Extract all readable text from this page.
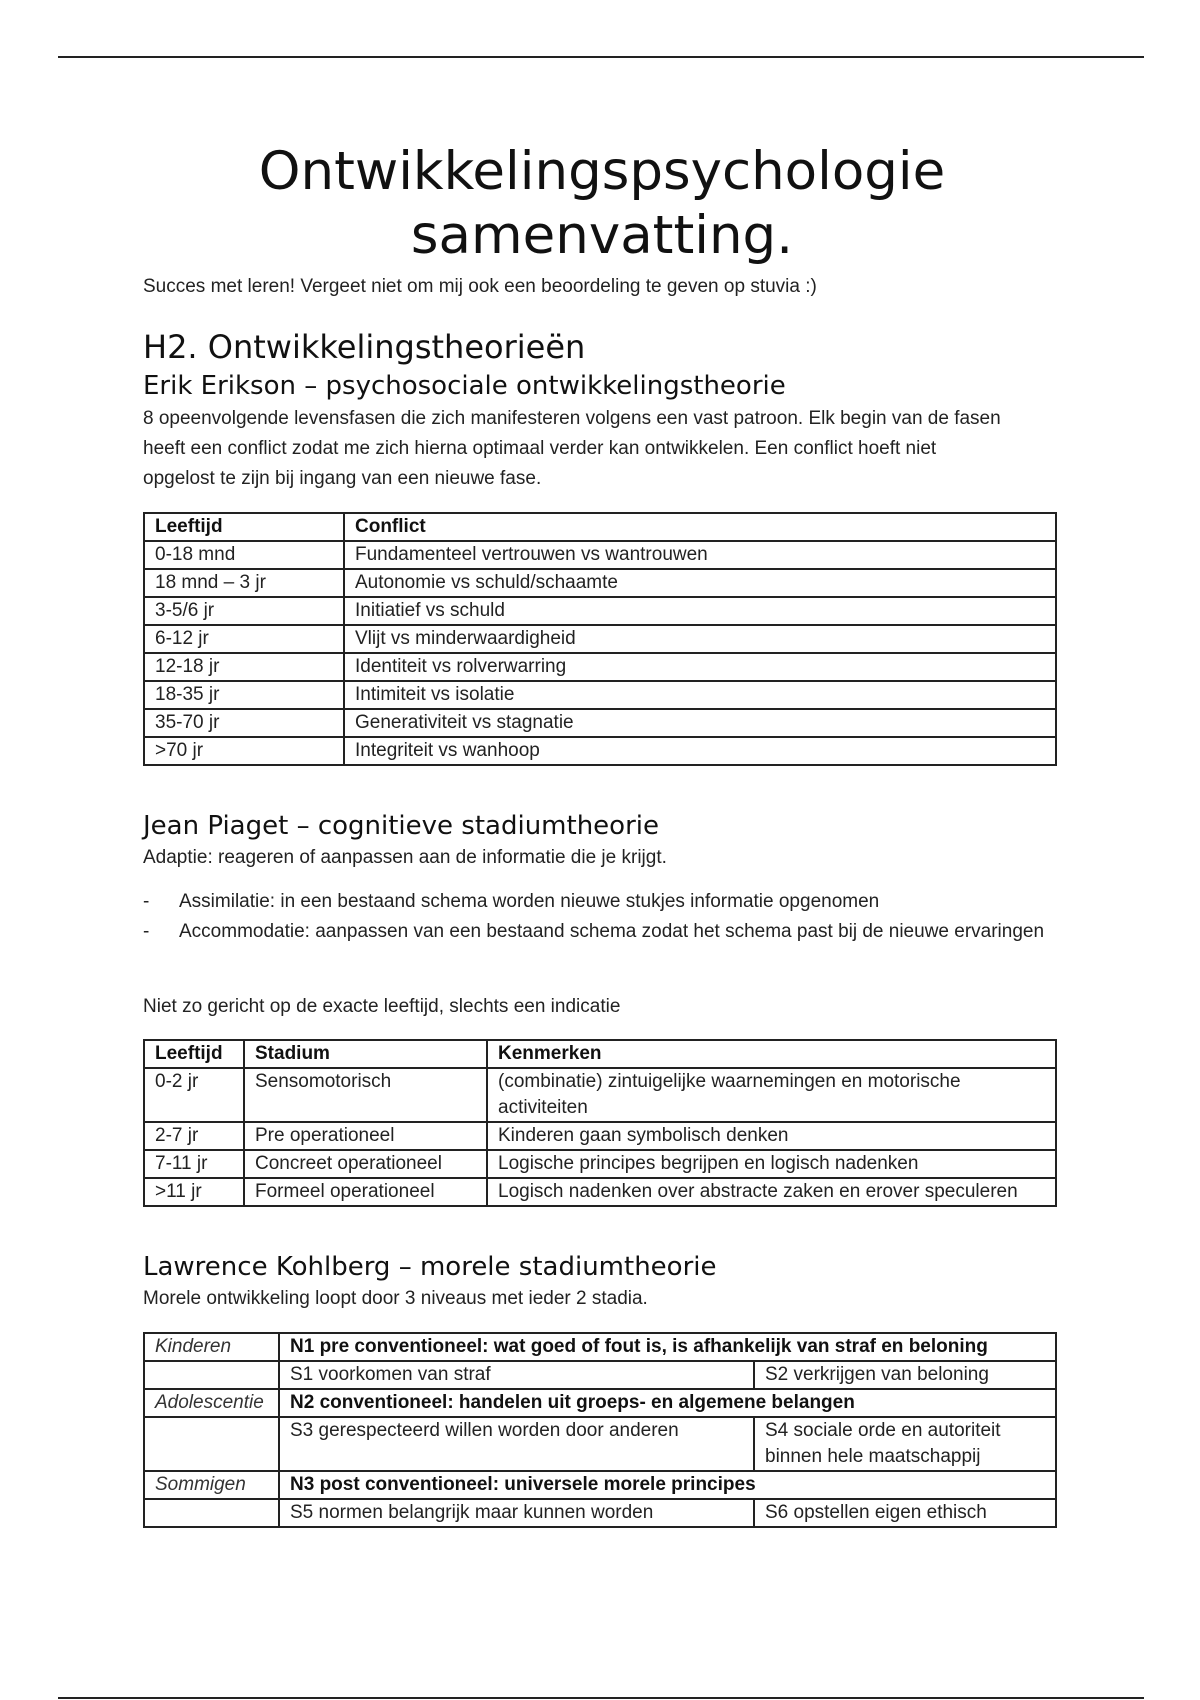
Ontwikkelingspsychologie
samenvatting.
Succes met leren! Vergeet niet om mij ook een beoordeling te geven op stuvia :)
H2. Ontwikkelingstheorieën
Erik Erikson – psychosociale ontwikkelingstheorie
8 opeenvolgende levensfasen die zich manifesteren volgens een vast patroon. Elk begin van de fasen
heeft een conflict zodat me zich hierna optimaal verder kan ontwikkelen. Een conflict hoeft niet
opgelost te zijn bij ingang van een nieuwe fase.
Leeftijd	Conflict
0-18 mnd	Fundamenteel vertrouwen vs wantrouwen
18 mnd – 3 jr	Autonomie vs schuld/schaamte
3-5/6 jr	Initiatief vs schuld
6-12 jr	Vlijt vs minderwaardigheid
12-18 jr	Identiteit vs rolverwarring
18-35 jr	Intimiteit vs isolatie
35-70 jr	Generativiteit vs stagnatie
>70 jr	Integriteit vs wanhoop
Jean Piaget – cognitieve stadiumtheorie
Adaptie: reageren of aanpassen aan de informatie die je krijgt.
- Assimilatie: in een bestaand schema worden nieuwe stukjes informatie opgenomen
- Accommodatie: aanpassen van een bestaand schema zodat het schema past bij de nieuwe ervaringen
Niet zo gericht op de exacte leeftijd, slechts een indicatie
Leeftijd	Stadium	Kenmerken
0-2 jr	Sensomotorisch	(combinatie) zintuigelijke waarnemingen en motorische activiteiten
2-7 jr	Pre operationeel	Kinderen gaan symbolisch denken
7-11 jr	Concreet operationeel	Logische principes begrijpen en logisch nadenken
>11 jr	Formeel operationeel	Logisch nadenken over abstracte zaken en erover speculeren
Lawrence Kohlberg – morele stadiumtheorie
Morele ontwikkeling loopt door 3 niveaus met ieder 2 stadia.
Kinderen	N1 pre conventioneel: wat goed of fout is, is afhankelijk van straf en beloning	
	S1 voorkomen van straf	S2 verkrijgen van beloning
Adolescentie	N2 conventioneel: handelen uit groeps- en algemene belangen	
	S3 gerespecteerd willen worden door anderen	S4 sociale orde en autoriteit binnen hele maatschappij
Sommigen	N3 post conventioneel: universele morele principes	
	S5 normen belangrijk maar kunnen worden	S6 opstellen eigen ethisch
